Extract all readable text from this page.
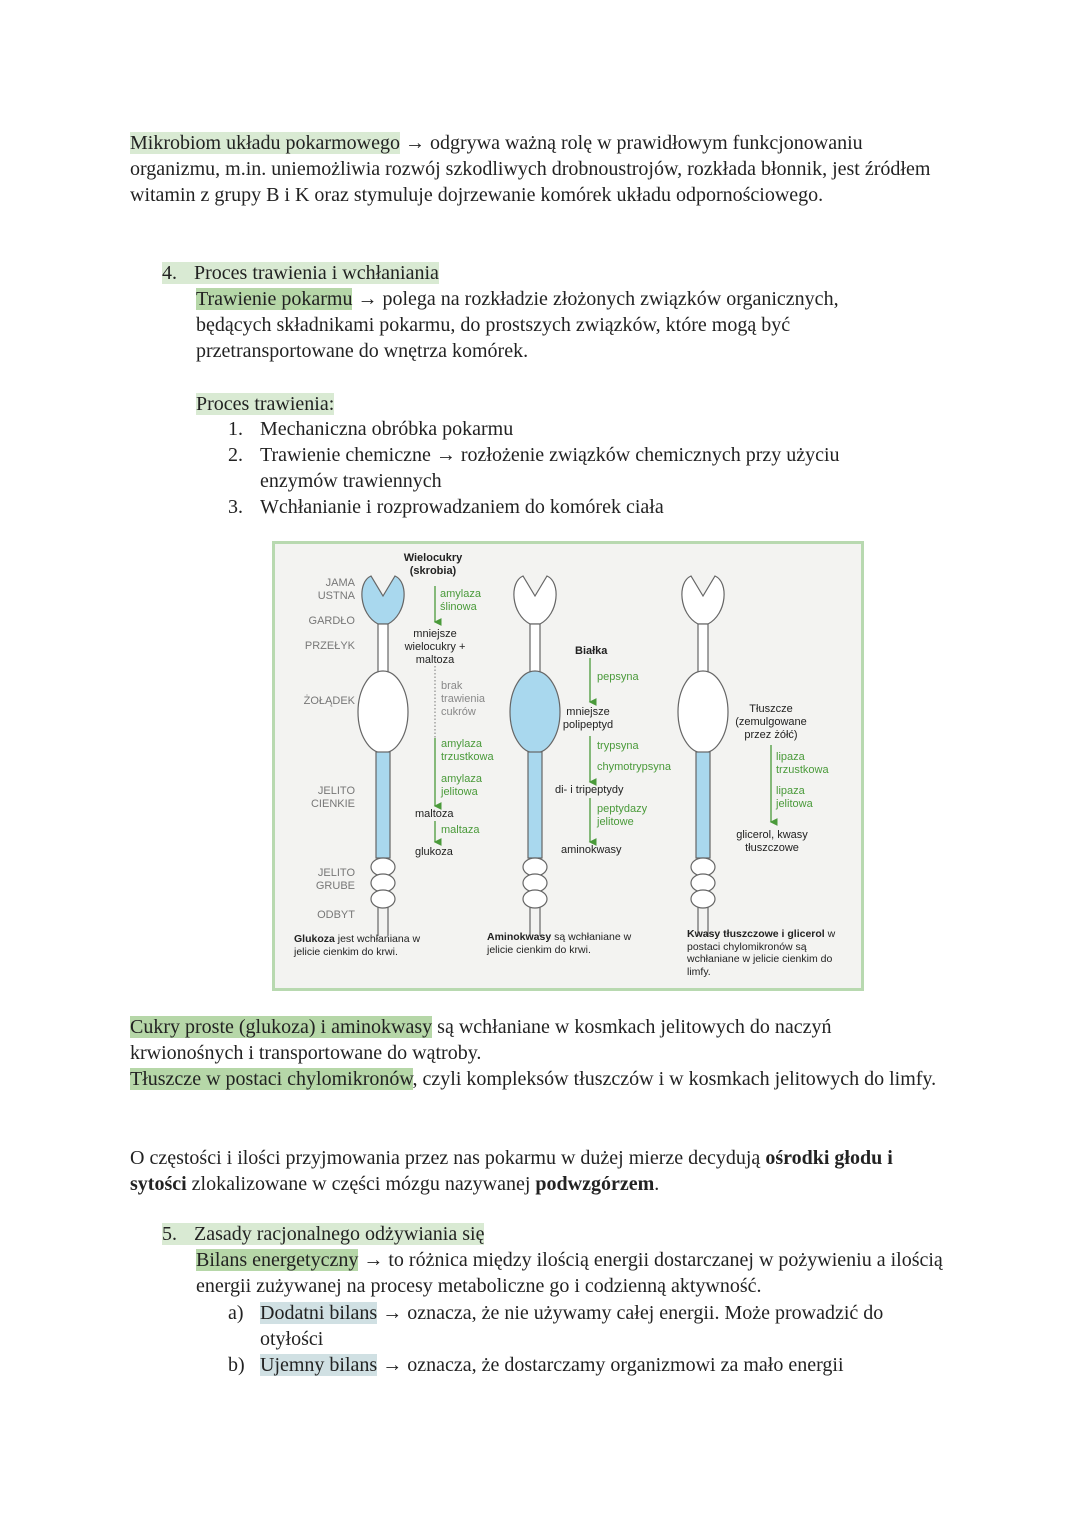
Mikrobiom układu pokarmowego → odgrywa ważną rolę w prawidłowym funkcjonowaniu organizmu, m.in. uniemożliwia rozwój szkodliwych drobnoustrojów, rozkłada błonnik, jest źródłem witamin z grupy B i K oraz stymuluje dojrzewanie komórek układu odpornościowego.
4. Proces trawienia i wchłaniania
Trawienie pokarmu → polega na rozkładzie złożonych związków organicznych, będących składnikami pokarmu, do prostszych związków, które mogą być przetransportowane do wnętrza komórek.
Proces trawienia:
1. Mechaniczna obróbka pokarmu
2. Trawienie chemiczne → rozłożenie związków chemicznych przy użyciu enzymów trawiennych
3. Wchłanianie i rozprowadzaniem do komórek ciała
JAMA USTNA
GARDŁO
PRZEŁYK
ŻOŁĄDEK
JELITO CIENKIE
JELITO GRUBE
ODBYT
Wielocukry (skrobia)
amylaza ślinowa
mniejsze wielocukry + maltoza
brak trawienia cukrów
amylaza trzustkowa
amylaza jelitowa
maltoza
maltaza
glukoza
Glukoza jest wchłaniana w jelicie cienkim do krwi.
Białka
pepsyna
mniejsze polipeptyd
trypsyna
chymotrypsyna
di- i tripeptydy
peptydazy jelitowe
aminokwasy
Aminokwasy są wchłaniane w jelicie cienkim do krwi.
Tłuszcze (zemulgowane przez żółć)
lipaza trzustkowa
lipaza jelitowa
glicerol, kwasy tłuszczowe
Kwasy tłuszczowe i glicerol w postaci chylomikronów są wchłaniane w jelicie cienkim do limfy.
Cukry proste (glukoza) i aminokwasy są wchłaniane w kosmkach jelitowych do naczyń krwionośnych i transportowane do wątroby.
Tłuszcze w postaci chylomikronów, czyli kompleksów tłuszczów i w kosmkach jelitowych do limfy.
O częstości i ilości przyjmowania przez nas pokarmu w dużej mierze decydują ośrodki głodu i sytości zlokalizowane w części mózgu nazywanej podwzgórzem.
5. Zasady racjonalnego odżywiania się
Bilans energetyczny → to różnica między ilością energii dostarczanej w pożywieniu a ilością energii zużywanej na procesy metaboliczne go i codzienną aktywność.
a) Dodatni bilans → oznacza, że nie używamy całej energii. Może prowadzić do otyłości
b) Ujemny bilans → oznacza, że dostarczamy organizmowi za mało energii
